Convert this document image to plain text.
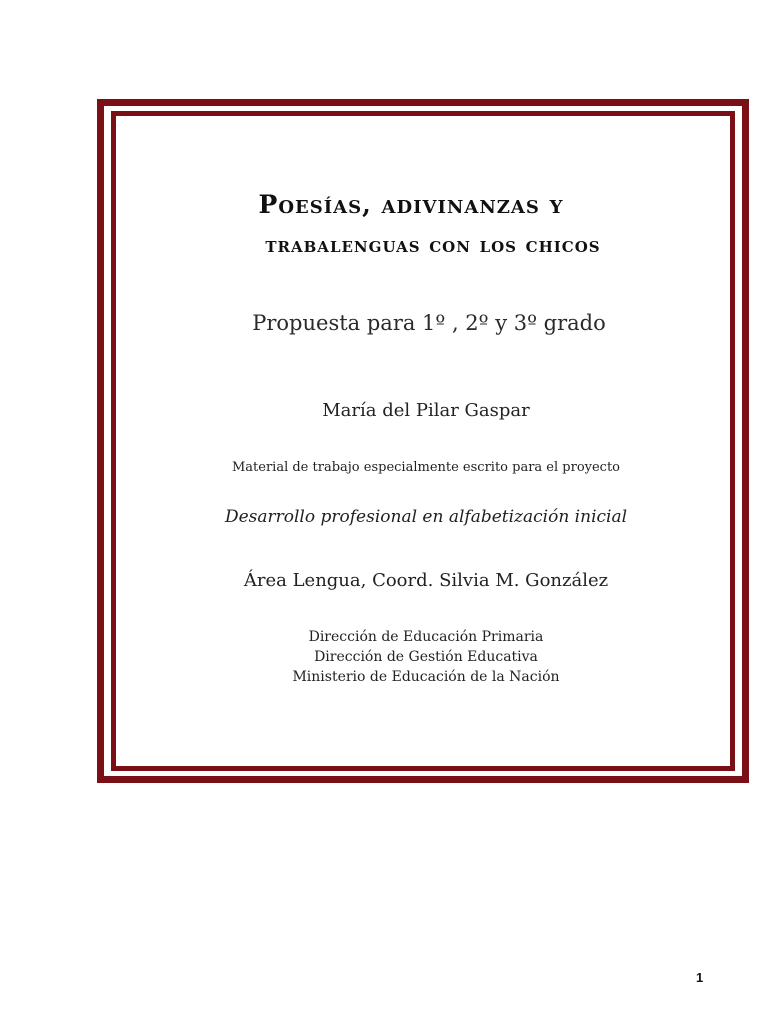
Poesías, adivinanzas y
trabalenguas con los chicos
Propuesta para 1º , 2º y 3º grado
María del Pilar Gaspar
Material de trabajo especialmente escrito para el proyecto
Desarrollo profesional en alfabetización inicial
Área Lengua, Coord. Silvia M. González
Dirección de Educación Primaria
Dirección de Gestión Educativa
Ministerio de Educación de la Nación
1
